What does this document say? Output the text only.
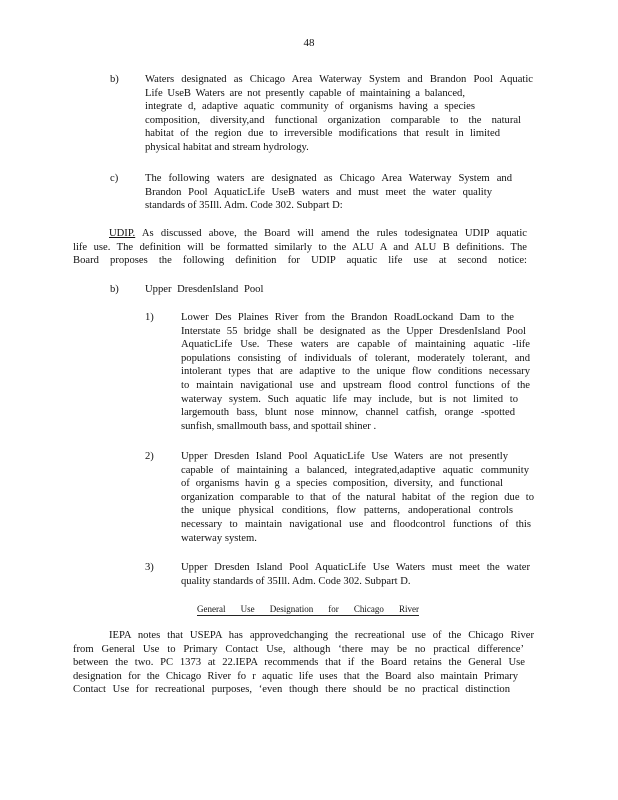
48
b) Waters designated as Chicago Area Waterway System and Brandon Pool Aquatic
Life UseB Waters are not presently capable of maintaining a balanced,
integrate d, adaptive aquatic community of organisms having a species
composition, diversity,and functional organization comparable to the natural
habitat of the region due to irreversible modifications that result in limited
physical habitat and stream hydrology.
c)	The following waters are designated as Chicago Area Waterway System and
Brandon Pool AquaticLife UseB waters and must meet the water quality
standards of 35Ill. Adm. Code 302. Subpart D:
UDIP. As discussed above, the Board will amend the rules todesignatea UDIP aquatic
life use. The definition will be formatted similarly to the ALU A and ALU B definitions. The
Board proposes the following definition for UDIP aquatic life use at second notice:
b) Upper DresdenIsland Pool
1)	Lower Des Plaines River from the Brandon RoadLockand Dam to the
Interstate 55 bridge shall be designated as the Upper DresdenIsland Pool
AquaticLife Use. These waters are capable of maintaining aquatic -life
populations consisting of individuals of tolerant, moderately tolerant, and
intolerant types that are adaptive to the unique flow conditions necessary
to maintain navigational use and upstream flood control functions of the
waterway system. Such aquatic life may include, but is not limited to
largemouth bass, blunt nose minnow, channel catfish, orange -spotted
sunfish, smallmouth bass, and spottail shiner .
2)	Upper Dresden Island Pool AquaticLife Use Waters are not presently
capable of maintaining a balanced, integrated,adaptive aquatic community
of organisms havin g a species composition, diversity, and functional
organization comparable to that of the natural habitat of the region due to
the unique physical conditions, flow patterns, andoperational controls
necessary to maintain navigational use and floodcontrol functions of this
waterway system.
3)	Upper Dresden Island Pool AquaticLife Use Waters must meet the water
quality standards of 35Ill. Adm. Code 302. Subpart D.
General Use Designation for Chicago River
IEPA notes that USEPA has approvedchanging the recreational use of the Chicago River
from General Use to Primary Contact Use, although ‘there may be no practical difference’
between the two. PC 1373 at 22.IEPA recommends that if the Board retains the General Use
designation for the Chicago River fo r aquatic life uses that the Board also maintain Primary
Contact Use for recreational purposes, ‘even though there should be no practical distinction
